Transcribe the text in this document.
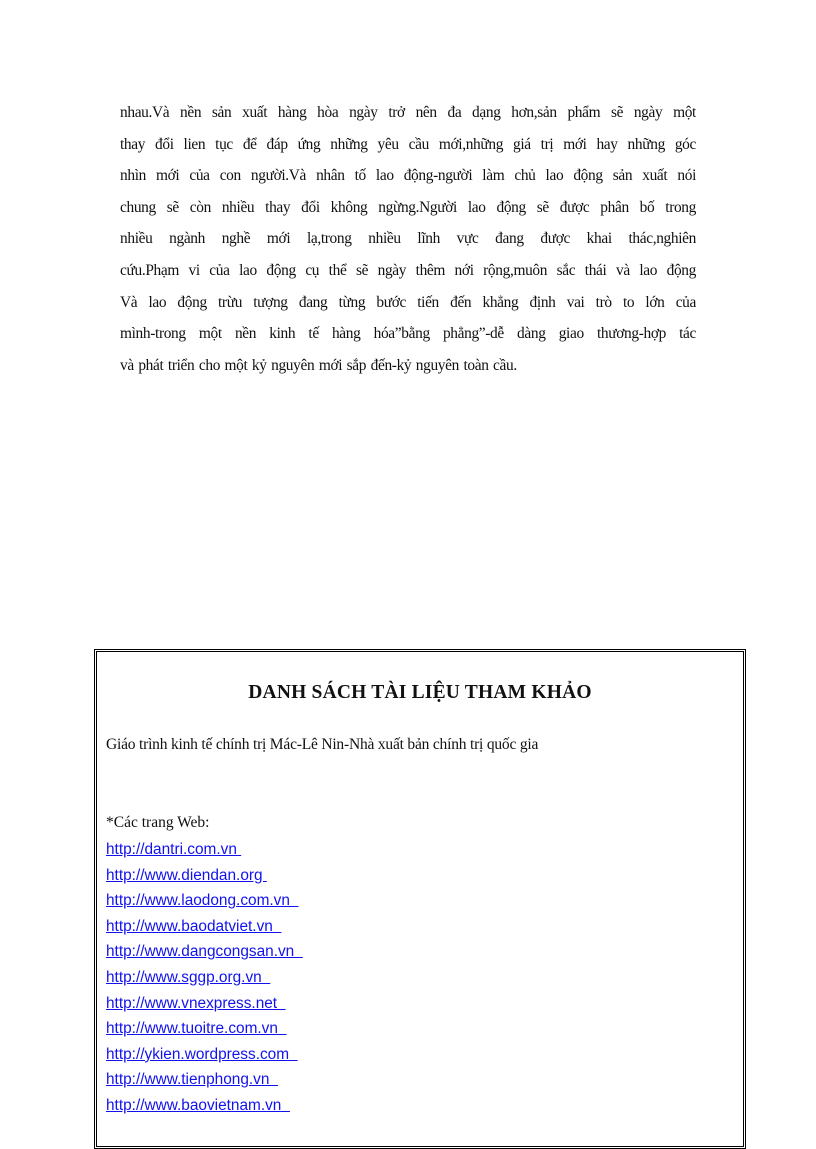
nhau.Và nền sản xuất hàng hòa ngày trở nên đa dạng hơn,sản phẩm sẽ ngày một
thay đổi lien tục để đáp ứng những yêu cầu mới,những giá trị mới hay những góc
nhìn mới của con người.Và nhân tố lao động-người làm chủ lao động sản xuất nói
chung sẽ còn nhiều thay đổi không ngừng.Người lao động sẽ được phân bố trong
nhiều ngành nghề mới lạ,trong nhiều lĩnh vực đang được khai thác,nghiên
cứu.Phạm vi của lao động cụ thể sẽ ngày thêm nới rộng,muôn sắc thái và lao động
Và lao động trừu tượng đang từng bước tiến đến khẳng định vai trò to lớn của
mình-trong một nền kinh tế hàng hóa”bằng phẳng”-dễ dàng giao thương-hợp tác
và phát triển cho một kỷ nguyên mới sắp đến-kỷ nguyên toàn cầu.
DANH SÁCH TÀI LIỆU THAM KHẢO

Giáo trình kinh tế chính trị Mác-Lê Nin-Nhà xuất bản chính trị quốc gia

*Các trang Web:

http://dantri.com.vn
http://www.diendan.org
http://www.laodong.com.vn
http://www.baodatviet.vn
http://www.dangcongsan.vn
http://www.sggp.org.vn
http://www.vnexpress.net
http://www.tuoitre.com.vn
http://ykien.wordpress.com
http://www.tienphong.vn
http://www.baovietnam.vn
